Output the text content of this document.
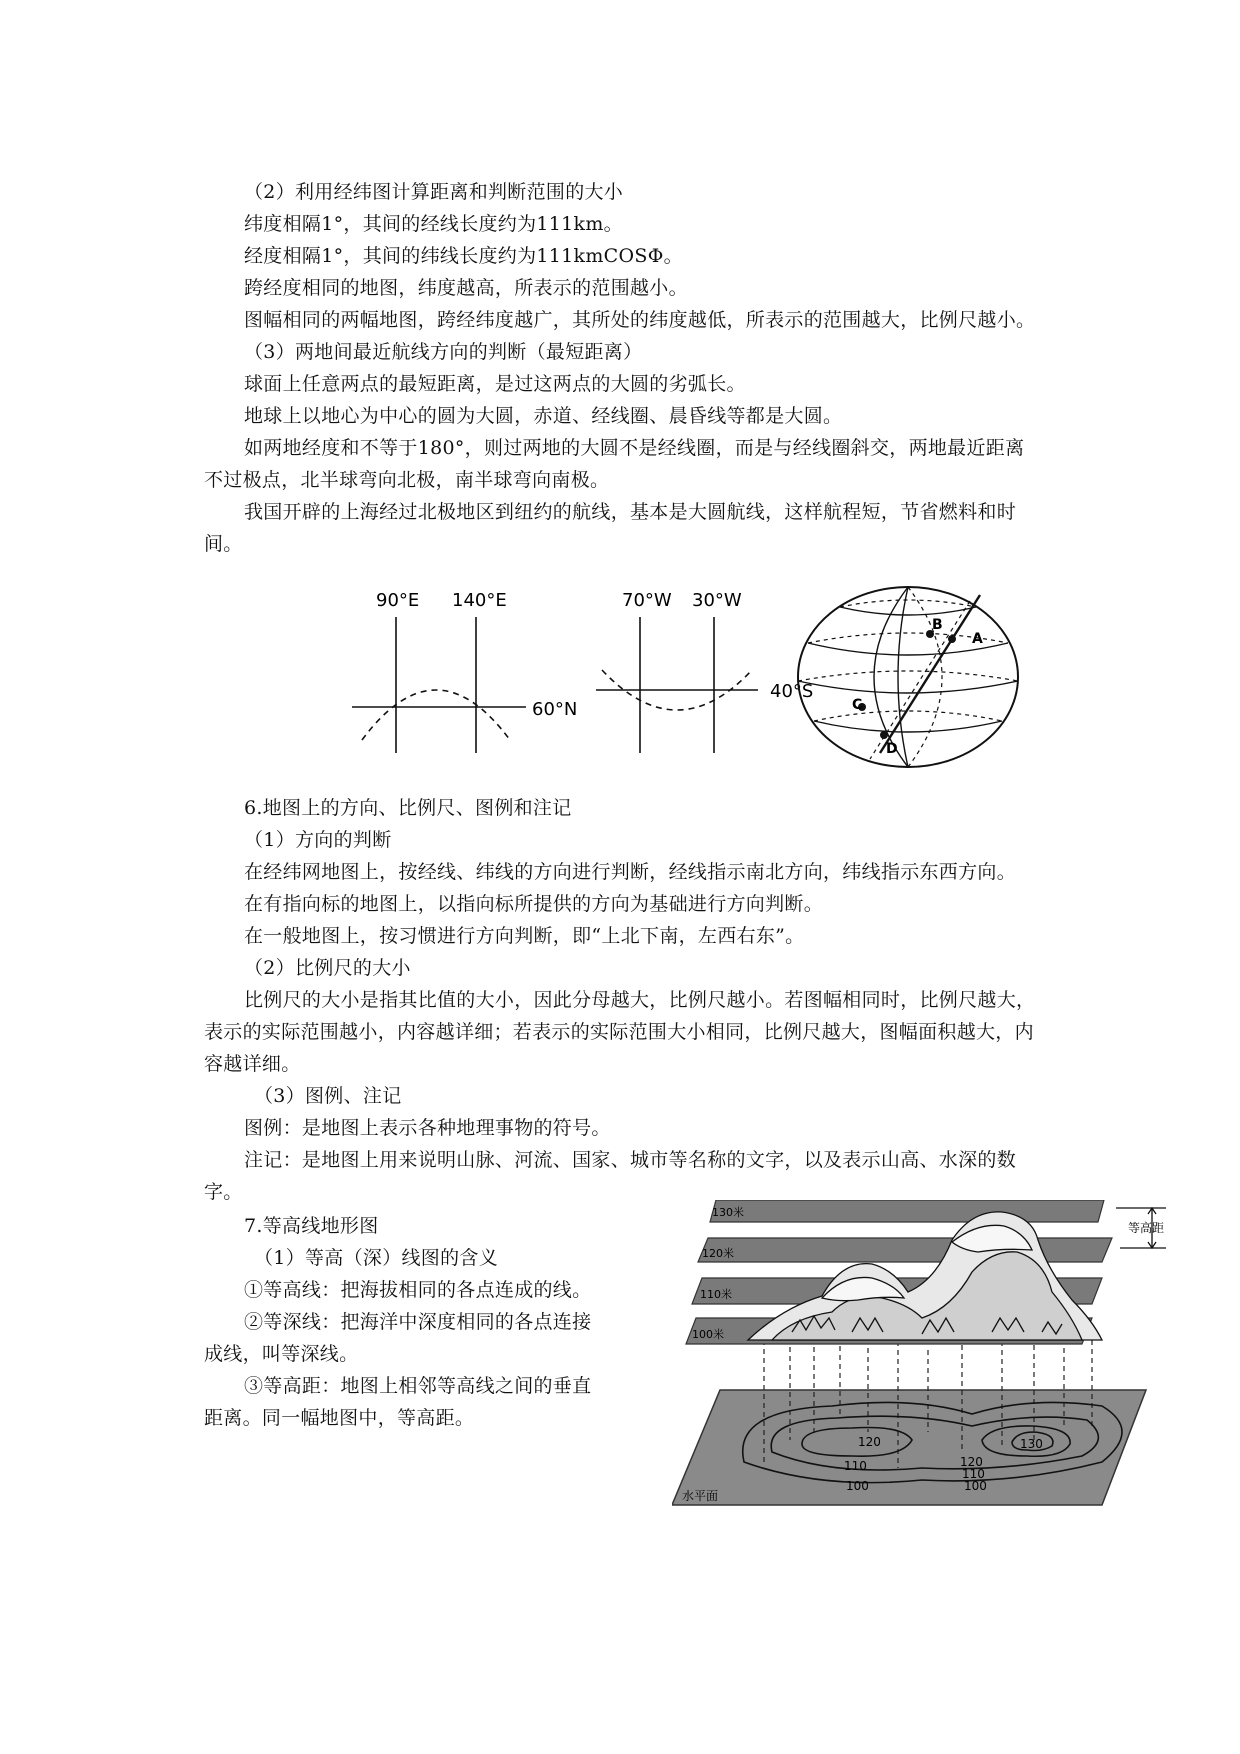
（2）利用经纬图计算距离和判断范围的大小
纬度相隔1°，其间的经线长度约为111km。
经度相隔1°，其间的纬线长度约为111kmCOSΦ。
跨经度相同的地图，纬度越高，所表示的范围越小。
图幅相同的两幅地图，跨经纬度越广，其所处的纬度越低，所表示的范围越大，比例尺越小。
（3）两地间最近航线方向的判断（最短距离）
球面上任意两点的最短距离，是过这两点的大圆的劣弧长。
地球上以地心为中心的圆为大圆，赤道、经线圈、晨昏线等都是大圆。
如两地经度和不等于180°，则过两地的大圆不是经线圈，而是与经线圈斜交，两地最近距离
不过极点，北半球弯向北极，南半球弯向南极。
我国开辟的上海经过北极地区到纽约的航线，基本是大圆航线，这样航程短，节省燃料和时
间。
90°E 140°E
60°N
70°W 30°W
40°S
B
A
C
D
6.地图上的方向、比例尺、图例和注记
（1）方向的判断
在经纬网地图上，按经线、纬线的方向进行判断，经线指示南北方向，纬线指示东西方向。
在有指向标的地图上，以指向标所提供的方向为基础进行方向判断。
在一般地图上，按习惯进行方向判断，即“上北下南，左西右东”。
（2）比例尺的大小
比例尺的大小是指其比值的大小，因此分母越大，比例尺越小。若图幅相同时，比例尺越大，
表示的实际范围越小，内容越详细；若表示的实际范围大小相同，比例尺越大，图幅面积越大，内
容越详细。
（3）图例、注记
图例：是地图上表示各种地理事物的符号。
注记：是地图上用来说明山脉、河流、国家、城市等名称的文字，以及表示山高、水深的数
字。
7.等高线地形图
（1）等高（深）线图的含义
①等高线：把海拔相同的各点连成的线。
②等深线：把海洋中深度相同的各点连接
成线，叫等深线。
③等高距：地图上相邻等高线之间的垂直
距离。同一幅地图中，等高距。
130米
120米
110米
100米
等高距
水平面
120	130
110	120
110
100	100
